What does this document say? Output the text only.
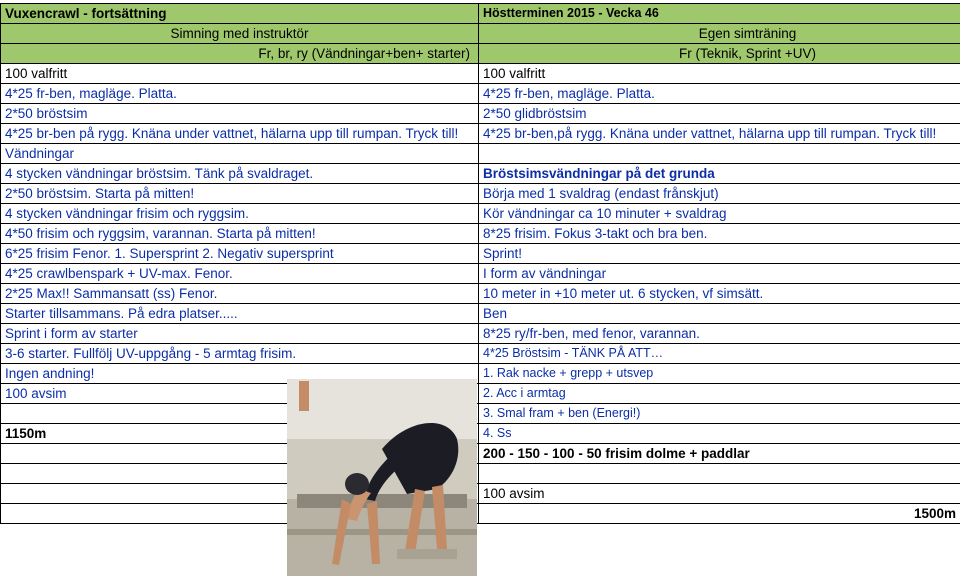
Vuxencrawl - fortsättning	Höstterminen 2015 - Vecka 46
Simning med instruktör	Egen simträning
Fr, br, ry (Vändningar+ben+ starter)	Fr (Teknik, Sprint +UV)
100 valfritt	100 valfritt
4*25 fr-ben, magläge. Platta.	4*25 fr-ben, magläge. Platta.
2*50 bröstsim	2*50 glidbröstsim
4*25 br-ben på rygg. Knäna under vattnet, hälarna upp till rumpan. Tryck till!	4*25 br-ben,på rygg. Knäna under vattnet, hälarna upp till rumpan. Tryck till!
Vändningar	
4 stycken vändningar bröstsim. Tänk på svaldraget.	Bröstsimsvändningar på det grunda
2*50 bröstsim. Starta på mitten!	Börja med 1 svaldrag (endast frånskjut)
4 stycken vändningar frisim och ryggsim.	Kör vändningar ca 10 minuter + svaldrag
4*50 frisim och ryggsim, varannan. Starta på mitten!	8*25 frisim. Fokus 3-takt och bra ben.
6*25 frisim Fenor. 1. Supersprint 2. Negativ supersprint	Sprint!
4*25 crawlbenspark + UV-max. Fenor.	I form av vändningar
2*25 Max!! Sammansatt (ss) Fenor.	10 meter in +10 meter ut. 6 stycken, vf simsätt.
Starter tillsammans. På edra platser.....	Ben
Sprint i form av starter	8*25 ry/fr-ben, med fenor, varannan.
3-6 starter. Fullfölj UV-uppgång - 5 armtag frisim.	4*25 Bröstsim - TÄNK PÅ ATT…
Ingen andning!	1. Rak nacke + grepp + utsvep
100 avsim	2. Acc i armtag
	3. Smal fram + ben (Energi!)
1150m	4. Ss
	200 - 150 - 100 - 50 frisim dolme + paddlar

	100 avsim
	1500m
